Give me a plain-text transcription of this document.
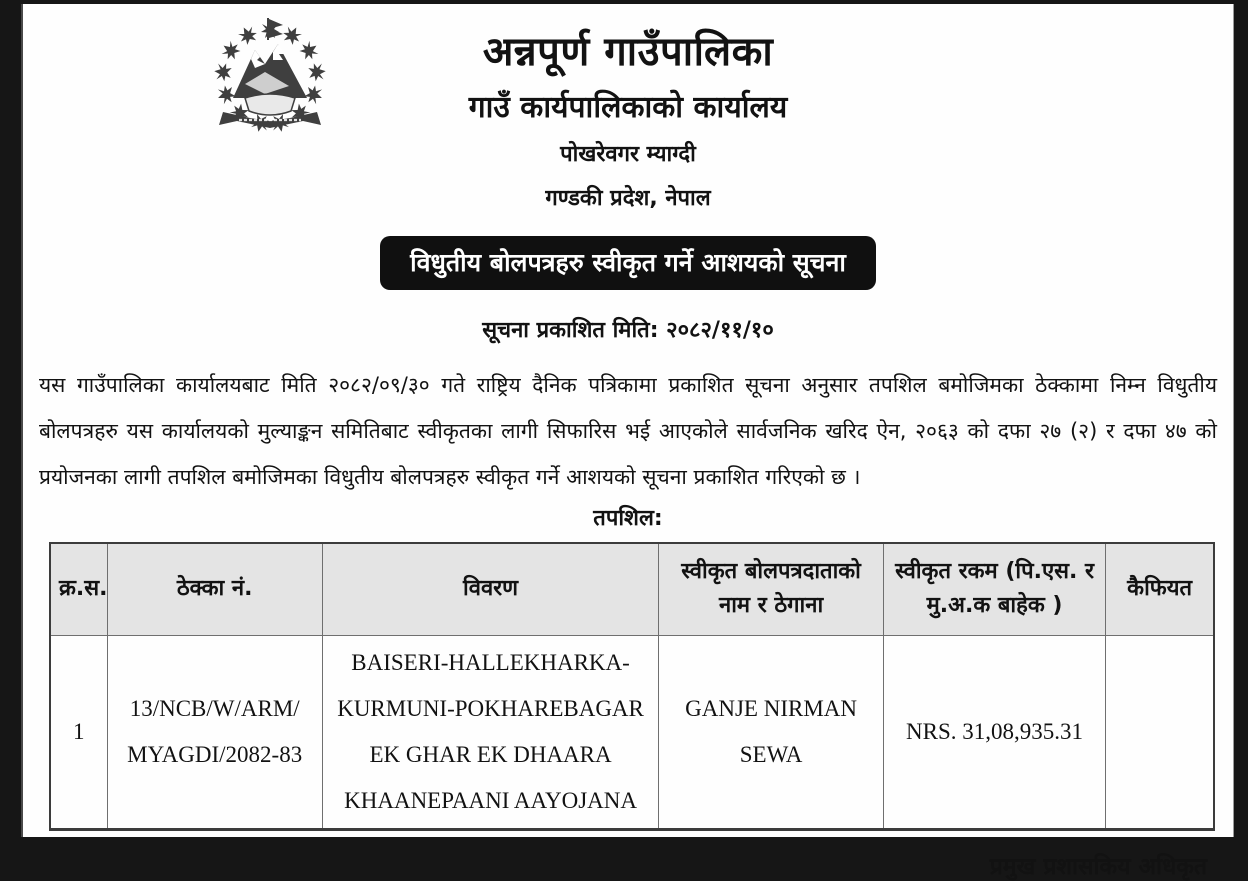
अन्नपूर्ण गाउँपालिका
गाउँ कार्यपालिकाको कार्यालय
पोखरेवगर म्याग्दी
गण्डकी प्रदेश, नेपाल
विधुतीय बोलपत्रहरु स्वीकृत गर्ने आशयको सूचना
सूचना प्रकाशित मिति: २०८२/११/१०
यस गाउँपालिका कार्यालयबाट मिति २०८२/०९/३० गते राष्ट्रिय दैनिक पत्रिकामा प्रकाशित सूचना अनुसार तपशिल बमोजिमका ठेक्कामा निम्न विधुतीय बोलपत्रहरु यस कार्यालयको मुल्याङ्कन समितिबाट स्वीकृतका लागी सिफारिस भई आएकोले सार्वजनिक खरिद ऐन, २०६३ को दफा २७ (२) र दफा ४७ को प्रयोजनका लागी तपशिल बमोजिमका विधुतीय बोलपत्रहरु स्वीकृत गर्ने आशयको सूचना प्रकाशित गरिएको छ ।
तपशिल:
क्र.स.	ठेक्का नं.	विवरण	स्वीकृत बोलपत्रदाताको नाम र ठेगाना	स्वीकृत रकम (पि.एस. र मु.अ.क बाहेक )	कैफियत
1	13/NCB/W/ARM/ MYAGDI/2082-83	BAISERI-HALLEKHARKA-KURMUNI-POKHAREBAGAR EK GHAR EK DHAARA KHAANEPAANI AAYOJANA	GANJE NIRMAN SEWA	NRS. 31,08,935.31	
प्रमुख प्रशासकिय अधिकृत
